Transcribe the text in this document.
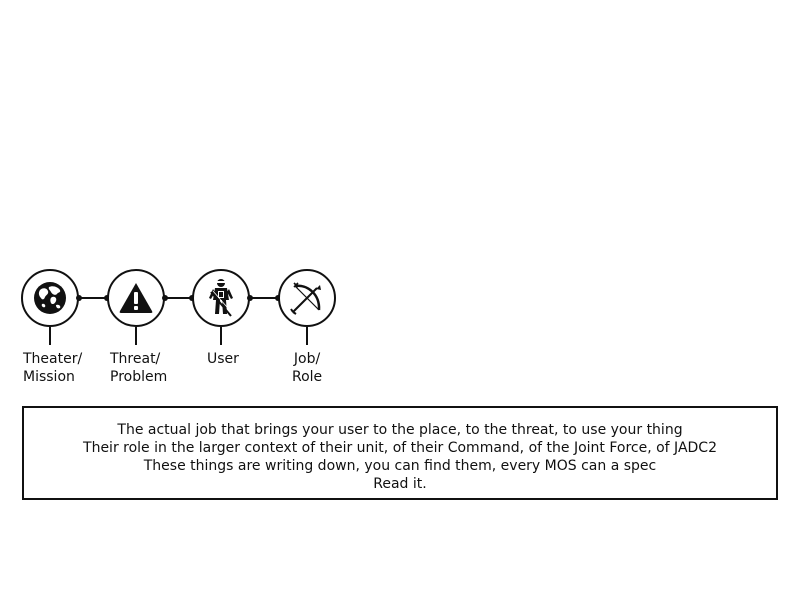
Theater/
Mission
Threat/
Problem
User	Job/
Role
The actual job that brings your user to the place, to the threat, to use your thing
Their role in the larger context of their unit, of their Command, of the Joint Force, of JADC2
These things are writing down, you can find them, every MOS can a spec
Read it.
